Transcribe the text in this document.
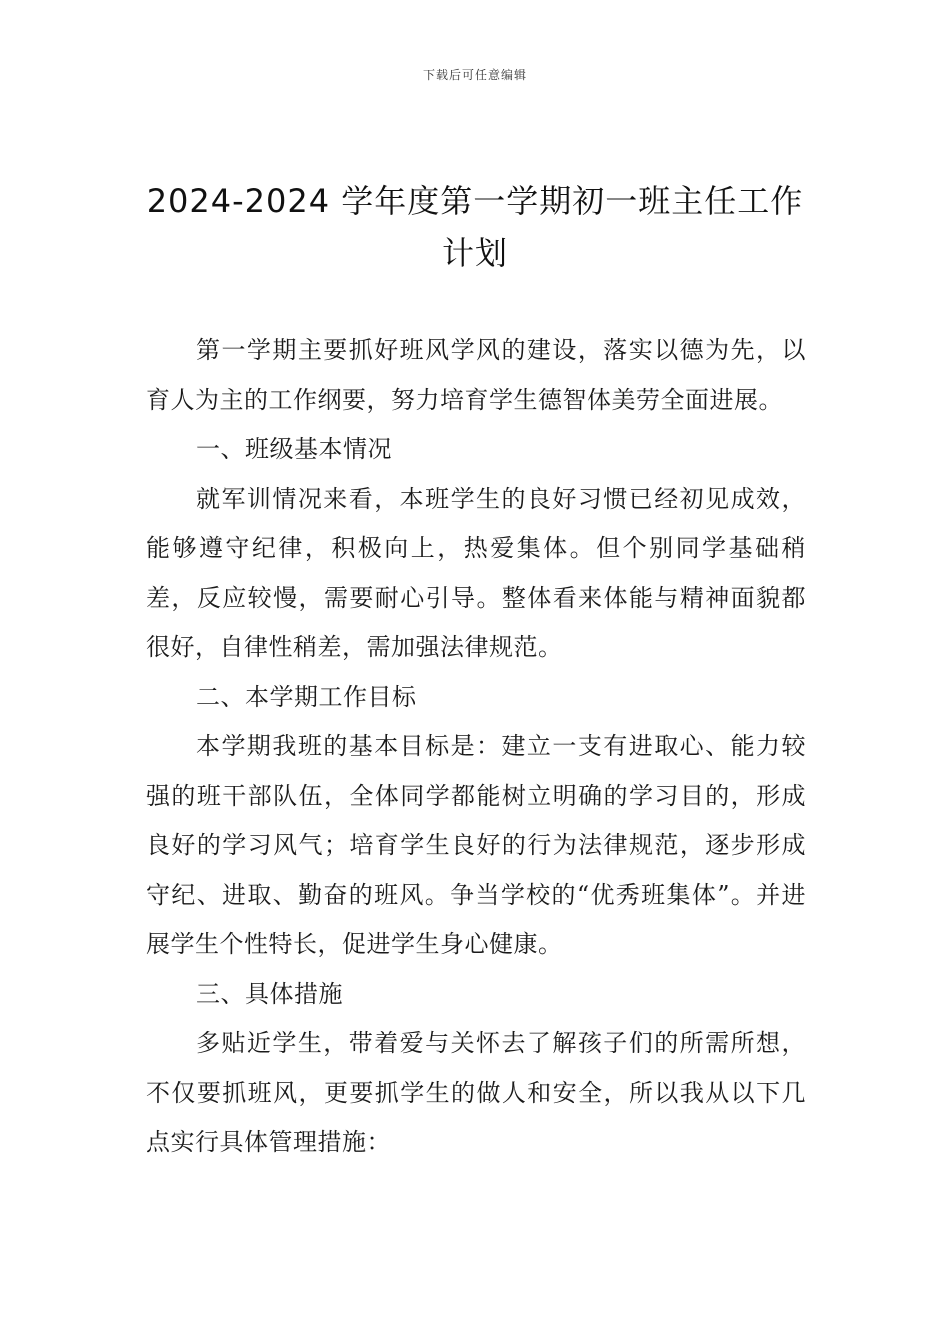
下载后可任意编辑
2024-2024 学年度第一学期初一班主任工作
计划

第一学期主要抓好班风学风的建设，落实以德为先，以育人为主的工作纲要，努力培育学生德智体美劳全面进展。

一、班级基本情况

就军训情况来看，本班学生的良好习惯已经初见成效，能够遵守纪律，积极向上，热爱集体。但个别同学基础稍差，反应较慢，需要耐心引导。整体看来体能与精神面貌都很好，自律性稍差，需加强法律规范。

二、本学期工作目标

本学期我班的基本目标是：建立一支有进取心、能力较强的班干部队伍，全体同学都能树立明确的学习目的，形成良好的学习风气；培育学生良好的行为法律规范，逐步形成守纪、进取、勤奋的班风。争当学校的“优秀班集体”。并进展学生个性特长，促进学生身心健康。

三、具体措施

多贴近学生，带着爱与关怀去了解孩子们的所需所想，不仅要抓班风，更要抓学生的做人和安全，所以我从以下几点实行具体管理措施：
